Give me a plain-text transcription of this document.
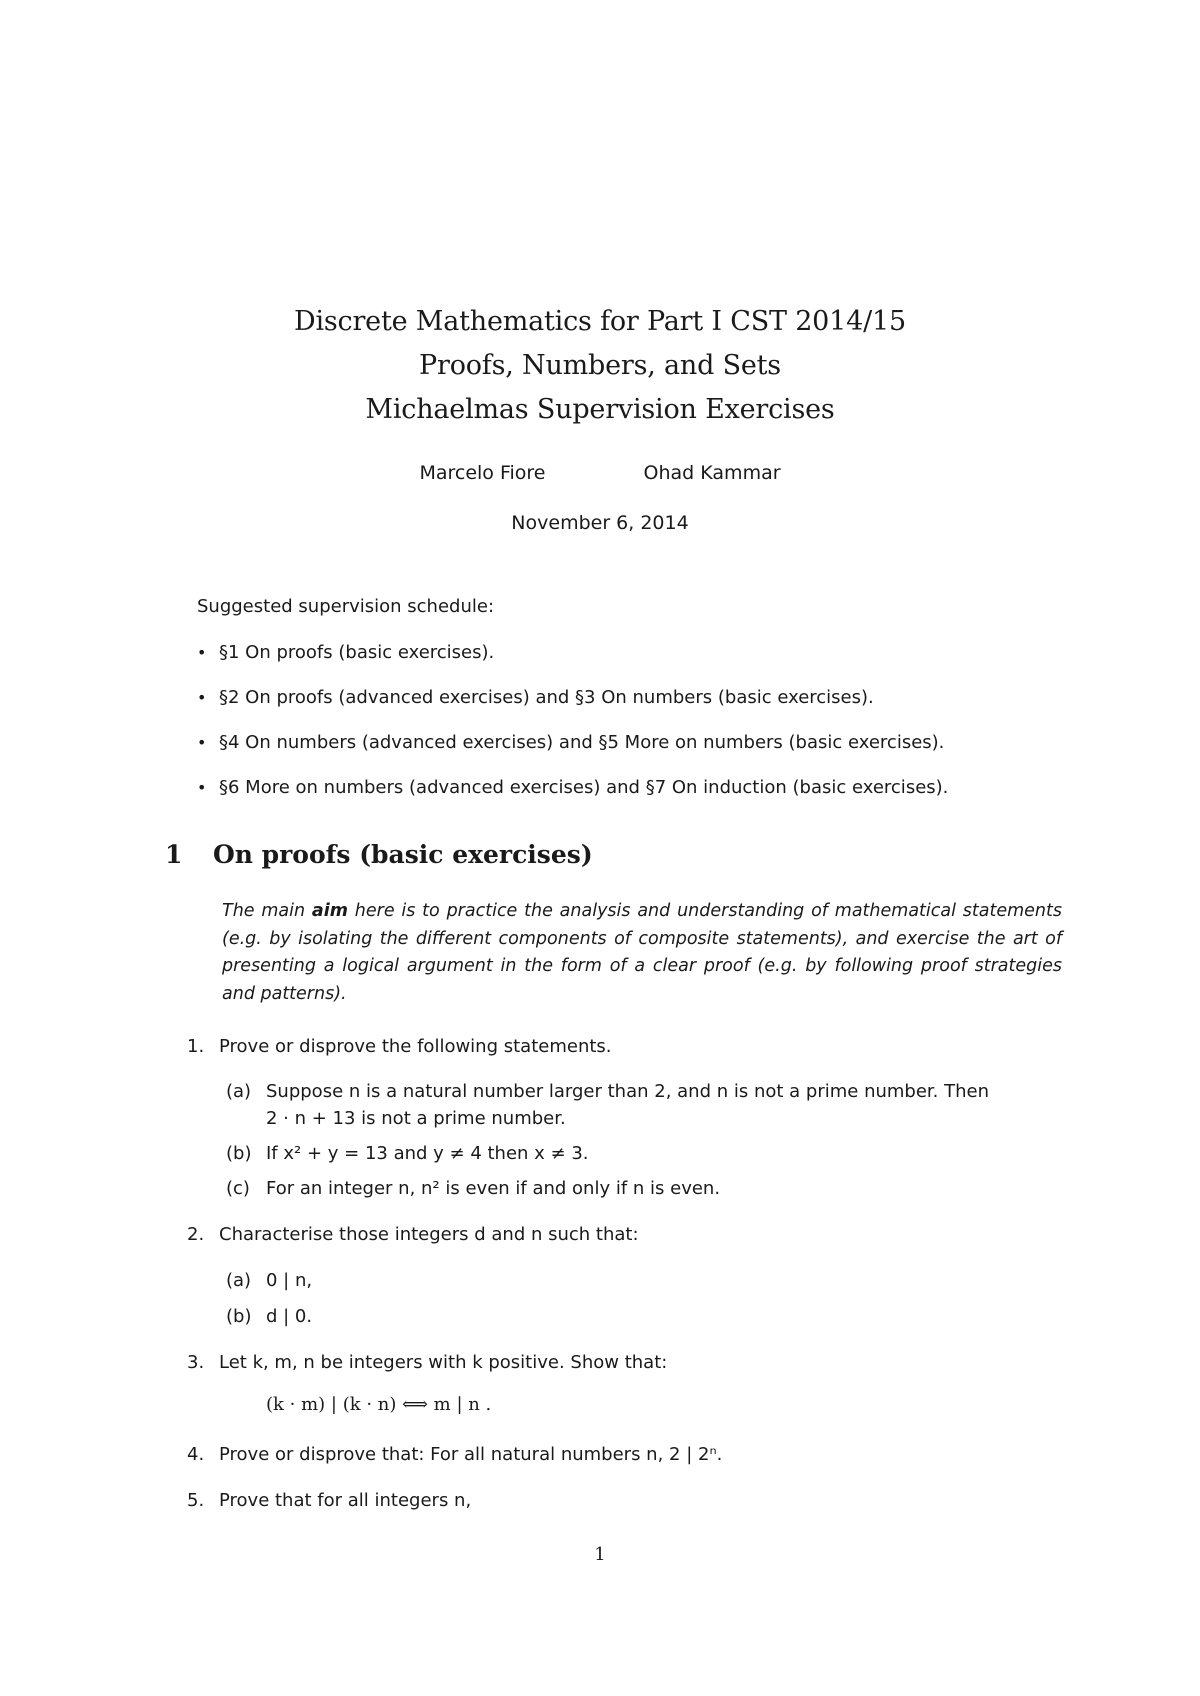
Discrete Mathematics for Part I CST 2014/15
Proofs, Numbers, and Sets
Michaelmas Supervision Exercises
Marcelo Fiore	Ohad Kammar
November 6, 2014
Suggested supervision schedule:
• §1 On proofs (basic exercises).
• §2 On proofs (advanced exercises) and §3 On numbers (basic exercises).
• §4 On numbers (advanced exercises) and §5 More on numbers (basic exercises).
• §6 More on numbers (advanced exercises) and §7 On induction (basic exercises).
1 On proofs (basic exercises)
The main aim here is to practice the analysis and understanding of mathematical statements (e.g. by isolating the different components of composite statements), and exercise the art of presenting a logical argument in the form of a clear proof (e.g. by following proof strategies and patterns).
1. Prove or disprove the following statements.
(a) Suppose n is a natural number larger than 2, and n is not a prime number. Then
2 · n + 13 is not a prime number.
(b) If x² + y = 13 and y ≠ 4 then x ≠ 3.
(c) For an integer n, n² is even if and only if n is even.
2. Characterise those integers d and n such that:
(a) 0 | n,
(b) d | 0.
3. Let k, m, n be integers with k positive. Show that:
(k · m) | (k · n) ⟺ m | n .
4. Prove or disprove that: For all natural numbers n, 2 | 2ⁿ.
5. Prove that for all integers n,
1
